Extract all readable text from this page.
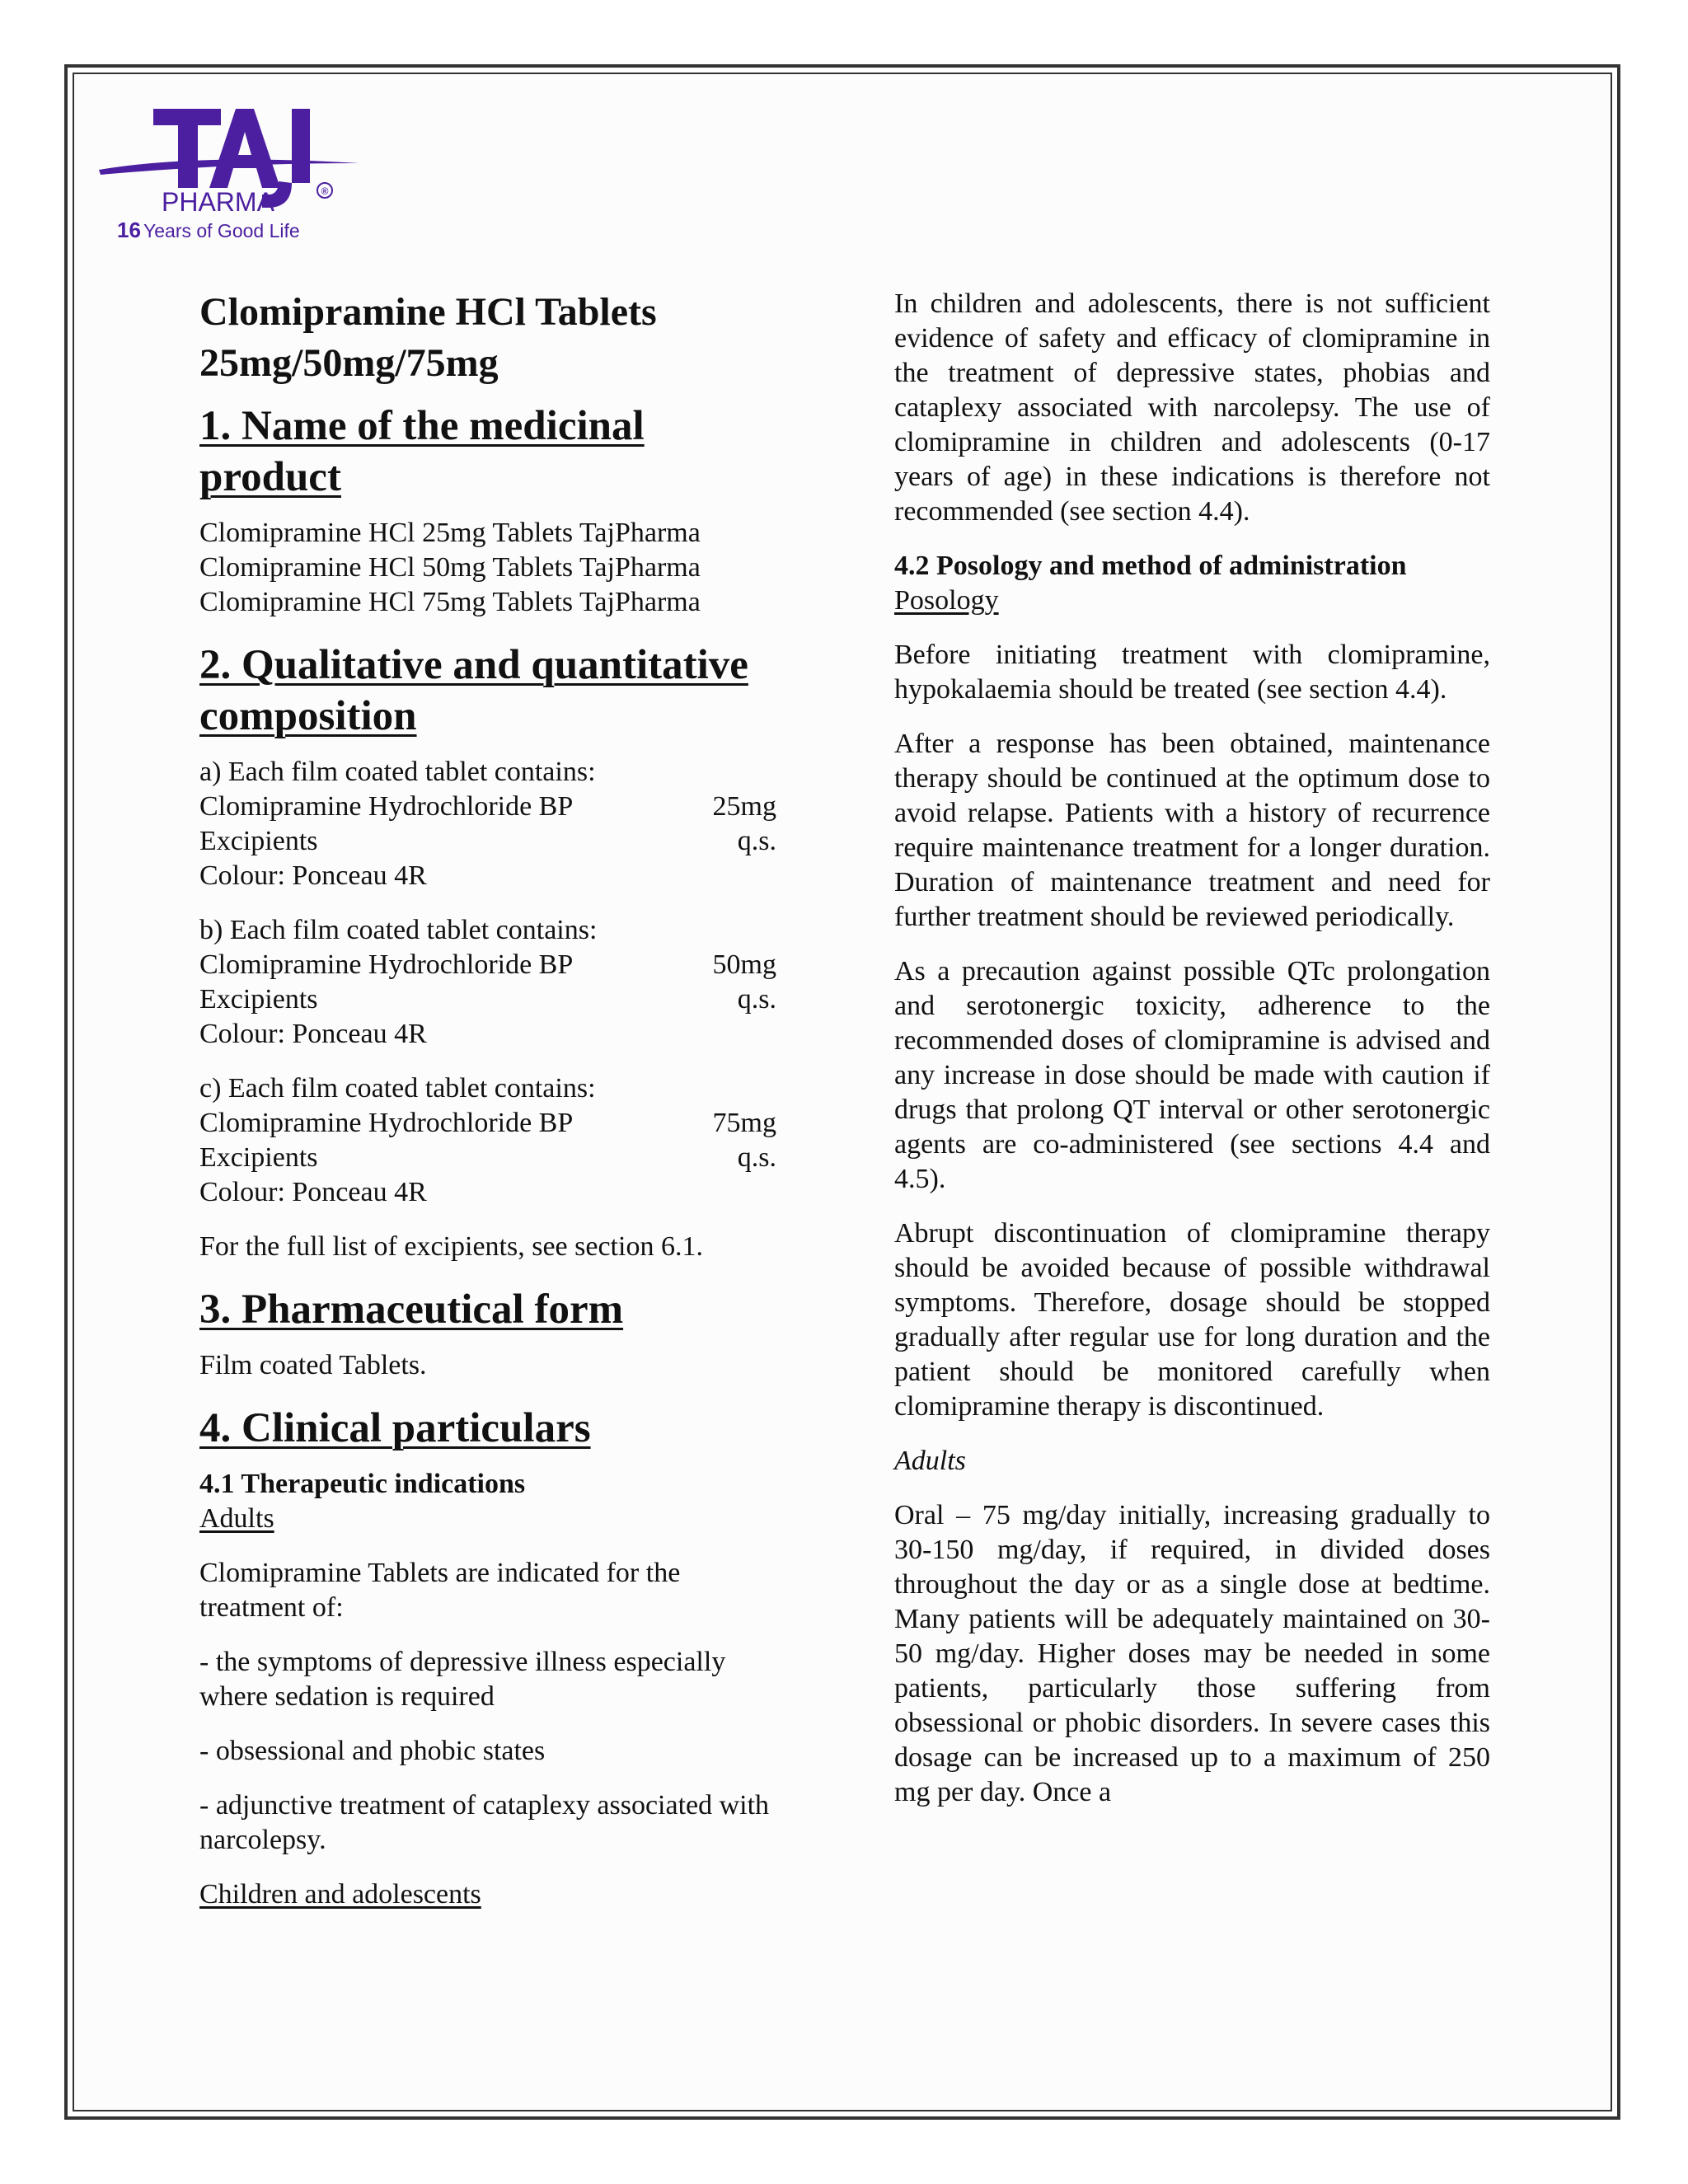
®
PHARMA
16 Years of Good Life
Clomipramine HCl Tablets
25mg/50mg/75mg
1. Name of the medicinal
product

Clomipramine HCl 25mg Tablets TajPharma

Clomipramine HCl 50mg Tablets TajPharma

Clomipramine HCl 75mg Tablets TajPharma

2. Qualitative and quantitative
composition

a) Each film coated tablet contains:

Clomipramine Hydrochloride BP	25mg
Excipients	q.s.

Colour: Ponceau 4R

b) Each film coated tablet contains:

Clomipramine Hydrochloride BP	50mg
Excipients	q.s.

Colour: Ponceau 4R

c) Each film coated tablet contains:

Clomipramine Hydrochloride BP	75mg
Excipients	q.s.

Colour: Ponceau 4R

For the full list of excipients, see section 6.1.

3. Pharmaceutical form

Film coated Tablets.

4. Clinical particulars

4.1 Therapeutic indications

Adults

Clomipramine Tablets are indicated for the treatment of:

- the symptoms of depressive illness especially where sedation is required

- obsessional and phobic states

- adjunctive treatment of cataplexy associated with narcolepsy.

Children and adolescents

In children and adolescents, there is not sufficient evidence of safety and efficacy of clomipramine in the treatment of depressive states, phobias and cataplexy associated with narcolepsy. The use of clomipramine in children and adolescents (0-17 years of age) in these indications is therefore not recommended (see section 4.4).

4.2 Posology and method of administration

Posology

Before initiating treatment with clomipramine, hypokalaemia should be treated (see section 4.4).

After a response has been obtained, maintenance therapy should be continued at the optimum dose to avoid relapse. Patients with a history of recurrence require maintenance treatment for a longer duration. Duration of maintenance treatment and need for further treatment should be reviewed periodically.

As a precaution against possible QTc prolongation and serotonergic toxicity, adherence to the recommended doses of clomipramine is advised and any increase in dose should be made with caution if drugs that prolong QT interval or other serotonergic agents are co-administered (see sections 4.4 and 4.5).

Abrupt discontinuation of clomipramine therapy should be avoided because of possible withdrawal symptoms. Therefore, dosage should be stopped gradually after regular use for long duration and the patient should be monitored carefully when clomipramine therapy is discontinued.

Adults

Oral – 75 mg/day initially, increasing gradually to 30-150 mg/day, if required, in divided doses throughout the day or as a single dose at bedtime. Many patients will be adequately maintained on 30-50 mg/day. Higher doses may be needed in some patients, particularly those suffering from obsessional or phobic disorders. In severe cases this dosage can be increased up to a maximum of 250 mg per day. Once a
